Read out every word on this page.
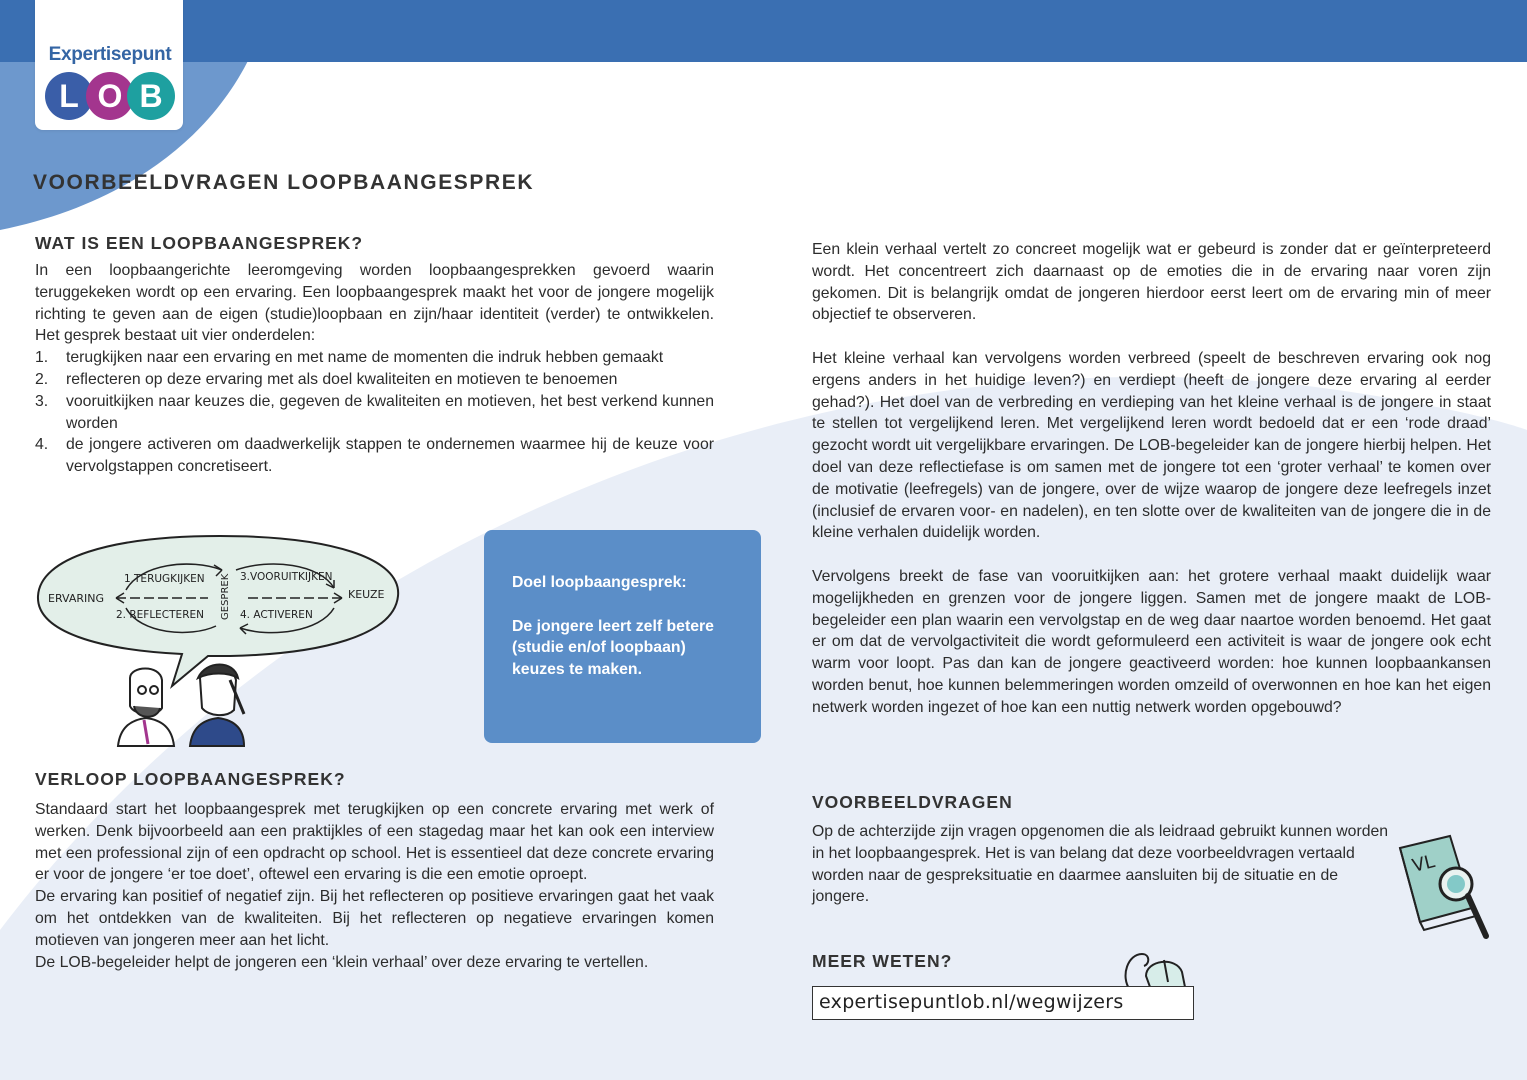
Expertisepunt
L O B
VOORBEELDVRAGEN LOOPBAANGESPREK
WAT IS EEN LOOPBAANGESPREK?

In een loopbaangerichte leeromgeving worden loopbaangesprekken gevoerd waarin teruggekeken wordt op een ervaring. Een loopbaangesprek maakt het voor de jongere mogelijk richting te geven aan de eigen (studie)loopbaan en zijn/haar identiteit (verder) te ontwikkelen. Het gesprek bestaat uit vier onderdelen:

1. terugkijken naar een ervaring en met name de momenten die indruk hebben gemaakt
2. reflecteren op deze ervaring met als doel kwaliteiten en motieven te benoemen
3. vooruitkijken naar keuzes die, gegeven de kwaliteiten en motieven, het best verkend kunnen worden
4. de jongere activeren om daadwerkelijk stappen te ondernemen waarmee hij de keuze voor vervolgstappen concretiseert.
ERVARING	KEUZE
1.TERUGKIJKEN
2. REFLECTEREN
3.VOORUITKIJKEN
4. ACTIVEREN
GESPREK	Doel loopbaangesprek:

De jongere leert zelf betere (studie en/of loopbaan) keuzes te maken.

VERLOOP LOOPBAANGESPREK?

Standaard start het loopbaangesprek met terugkijken op een concrete ervaring met werk of werken. Denk bijvoorbeeld aan een praktijkles of een stagedag maar het kan ook een interview met een professional zijn of een opdracht op school. Het is essentieel dat deze concrete ervaring er voor de jongere ‘er toe doet’, oftewel een ervaring is die een emotie oproept.

De ervaring kan positief of negatief zijn. Bij het reflecteren op positieve ervaringen gaat het vaak om het ontdekken van de kwaliteiten. Bij het reflecteren op negatieve ervaringen komen motieven van jongeren meer aan het licht.

De LOB-begeleider helpt de jongeren een ‘klein verhaal’ over deze ervaring te vertellen.

Een klein verhaal vertelt zo concreet mogelijk wat er gebeurd is zonder dat er geïnterpreteerd wordt. Het concentreert zich daarnaast op de emoties die in de ervaring naar voren zijn gekomen. Dit is belangrijk omdat de jongeren hierdoor eerst leert om de ervaring min of meer objectief te observeren.

Het kleine verhaal kan vervolgens worden verbreed (speelt de beschreven ervaring ook nog ergens anders in het huidige leven?) en verdiept (heeft de jongere deze ervaring al eerder gehad?). Het doel van de verbreding en verdieping van het kleine verhaal is de jongere in staat te stellen tot vergelijkend leren. Met vergelijkend leren wordt bedoeld dat er een ‘rode draad’ gezocht wordt uit vergelijkbare ervaringen. De LOB-begeleider kan de jongere hierbij helpen. Het doel van deze reflectiefase is om samen met de jongere tot een ‘groter verhaal’ te komen over de motivatie (leefregels) van de jongere, over de wijze waarop de jongere deze leefregels inzet (inclusief de ervaren voor- en nadelen), en ten slotte over de kwaliteiten van de jongere die in de kleine verhalen duidelijk worden.

Vervolgens breekt de fase van vooruitkijken aan: het grotere verhaal maakt duidelijk waar mogelijkheden en grenzen voor de jongere liggen. Samen met de jongere maakt de LOB-begeleider een plan waarin een vervolgstap en de weg daar naartoe worden benoemd. Het gaat er om dat de vervolgactiviteit die wordt geformuleerd een activiteit is waar de jongere ook echt warm voor loopt. Pas dan kan de jongere geactiveerd worden: hoe kunnen loopbaankansen worden benut, hoe kunnen belemmeringen worden omzeild of overwonnen en hoe kan het eigen netwerk worden ingezet of hoe kan een nuttig netwerk worden opgebouwd?

VOORBEELDVRAGEN
Op de achterzijde zijn vragen opgenomen die als leidraad gebruikt kunnen worden in het loopbaangesprek. Het is van belang dat deze voorbeeldvragen vertaald worden naar de gespreksituatie en daarmee aansluiten bij de situatie en de jongere.
VL
MEER WETEN?
expertisepuntlob.nl/wegwijzers
